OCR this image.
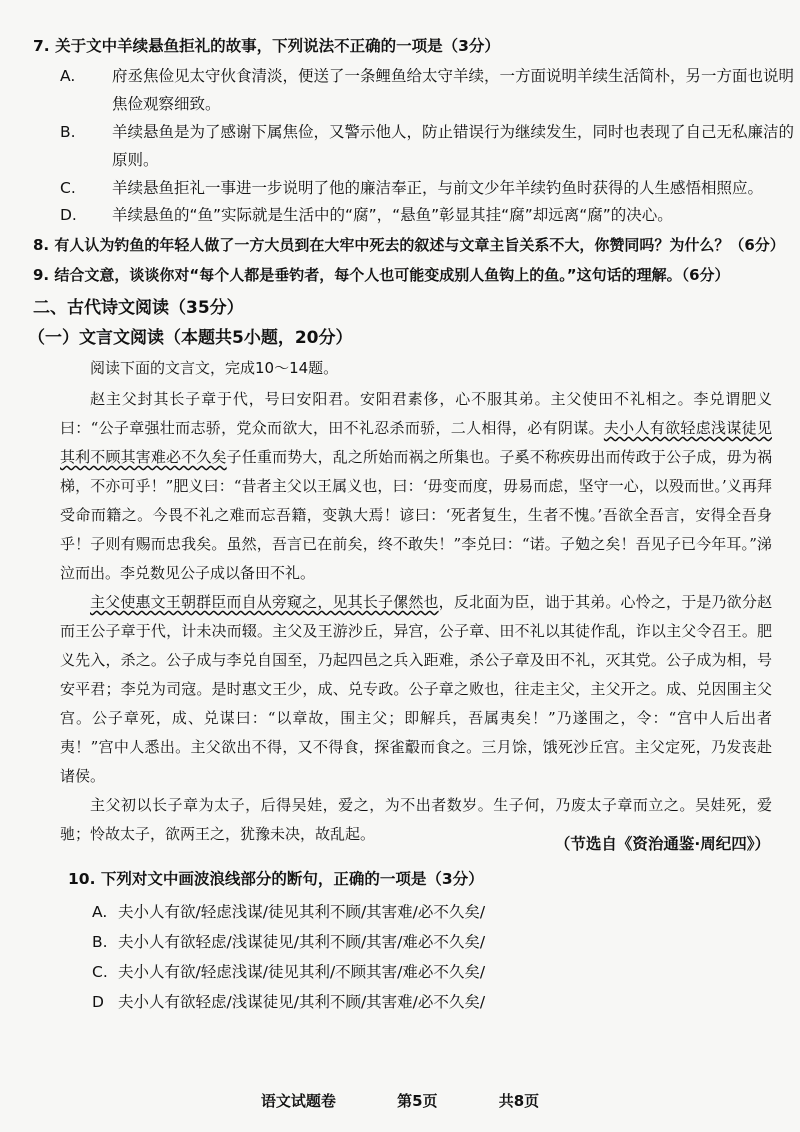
7. 关于文中羊续悬鱼拒礼的故事，下列说法不正确的一项是（3分）
A. 府丞焦俭见太守伙食清淡，便送了一条鲤鱼给太守羊续，一方面说明羊续生活简朴，另一方面也说明焦俭观察细致。
B. 羊续悬鱼是为了感谢下属焦俭，又警示他人，防止错误行为继续发生，同时也表现了自己无私廉洁的原则。
C. 羊续悬鱼拒礼一事进一步说明了他的廉洁奉正，与前文少年羊续钓鱼时获得的人生感悟相照应。
D. 羊续悬鱼的“鱼”实际就是生活中的“腐”，“悬鱼”彰显其挂“腐”却远离“腐”的决心。
8. 有人认为钓鱼的年轻人做了一方大员到在大牢中死去的叙述与文章主旨关系不大，你赞同吗？为什么？（6分）
9. 结合文意，谈谈你对“每个人都是垂钓者，每个人也可能变成别人鱼钩上的鱼。”这句话的理解。（6分）
二、古代诗文阅读（35分）
（一）文言文阅读（本题共5小题，20分）
阅读下面的文言文，完成10～14题。

赵主父封其长子章于代，号曰安阳君。安阳君素侈，心不服其弟。主父使田不礼相之。李兑谓肥义曰：“公子章强壮而志骄，党众而欲大，田不礼忍杀而骄，二人相得，必有阴谋。夫小人有欲轻虑浅谋徒见其利不顾其害难必不久矣子任重而势大，乱之所始而祸之所集也。子奚不称疾毋出而传政于公子成，毋为祸梯，不亦可乎！”肥义曰：“昔者主父以王属义也，曰：‘毋变而度，毋易而虑，坚守一心，以殁而世。’义再拜受命而籍之。今畏不礼之难而忘吾籍，变孰大焉！谚曰：‘死者复生，生者不愧。’吾欲全吾言，安得全吾身乎！子则有赐而忠我矣。虽然，吾言已在前矣，终不敢失！”李兑曰：“诺。子勉之矣！吾见子已今年耳。”涕泣而出。李兑数见公子成以备田不礼。

主父使惠文王朝群臣而自从旁窥之，见其长子傫然也，反北面为臣，诎于其弟。心怜之，于是乃欲分赵而王公子章于代，计未决而辍。主父及王游沙丘，异宫，公子章、田不礼以其徒作乱，诈以主父令召王。肥义先入，杀之。公子成与李兑自国至，乃起四邑之兵入距难，杀公子章及田不礼，灭其党。公子成为相，号安平君；李兑为司寇。是时惠文王少，成、兑专政。公子章之败也，往走主父，主父开之。成、兑因围主父宫。公子章死，成、兑谋曰：“以章故，围主父；即解兵，吾属夷矣！”乃遂围之，令：“宫中人后出者夷！”宫中人悉出。主父欲出不得，又不得食，探雀鷇而食之。三月馀，饿死沙丘宫。主父定死，乃发丧赴诸侯。

主父初以长子章为太子，后得吴娃，爱之，为不出者数岁。生子何，乃废太子章而立之。吴娃死，爱驰；怜故太子，欲两王之，犹豫未决，故乱起。

（节选自《资治通鉴·周纪四》）
10. 下列对文中画波浪线部分的断句，正确的一项是（3分）
A. 夫小人有欲/轻虑浅谋/徒见其利不顾/其害难/必不久矣/
B. 夫小人有欲轻虑/浅谋徒见/其利不顾/其害/难必不久矣/
C. 夫小人有欲/轻虑浅谋/徒见其利/不顾其害/难必不久矣/
D 夫小人有欲轻虑/浅谋徒见/其利不顾/其害难/必不久矣/
语文试题卷	第5页	共8页
